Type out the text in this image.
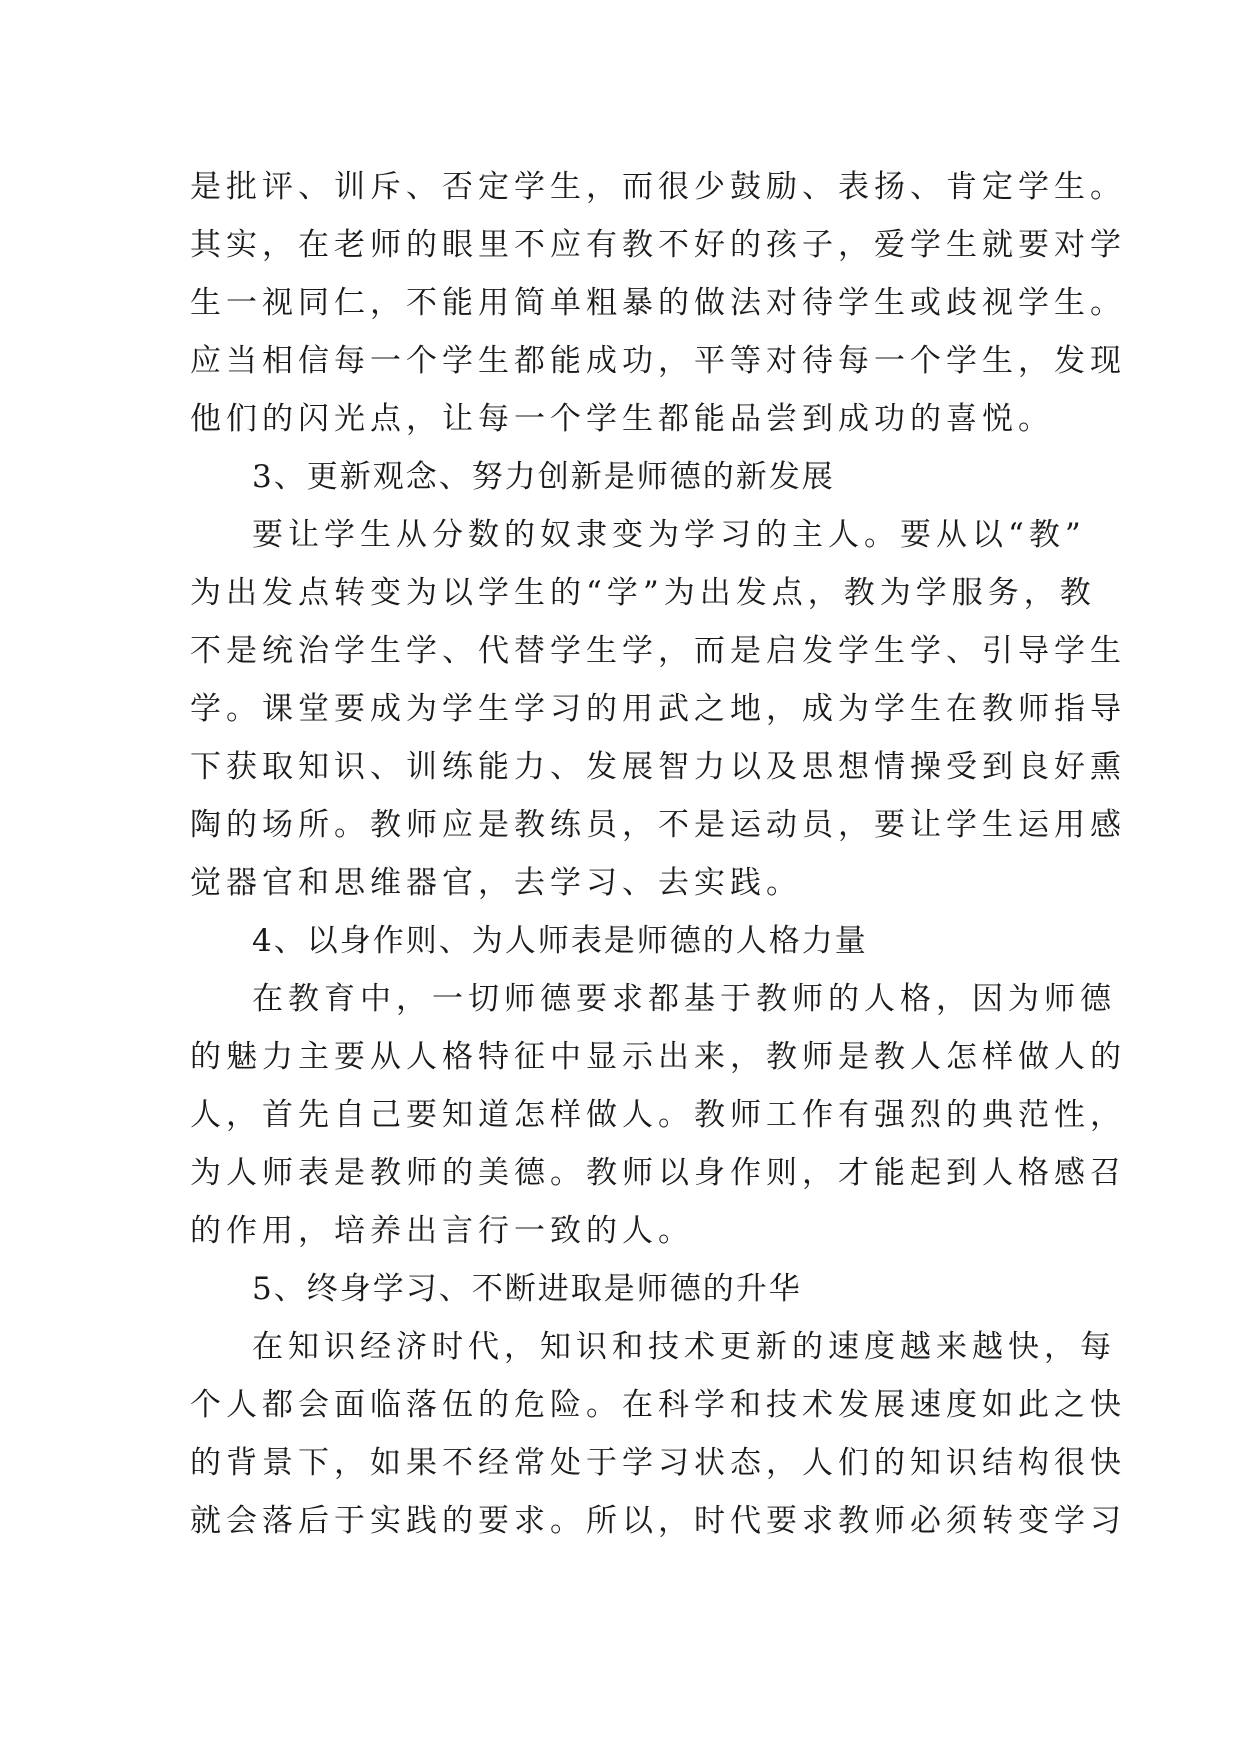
是批评、训斥、否定学生，而很少鼓励、表扬、肯定学生。
其实，在老师的眼里不应有教不好的孩子，爱学生就要对学
生一视同仁，不能用简单粗暴的做法对待学生或歧视学生。
应当相信每一个学生都能成功，平等对待每一个学生，发现
他们的闪光点，让每一个学生都能品尝到成功的喜悦。
3、更新观念、努力创新是师德的新发展
要让学生从分数的奴隶变为学习的主人。要从以“教”
为出发点转变为以学生的“学”为出发点，教为学服务，教
不是统治学生学、代替学生学，而是启发学生学、引导学生
学。课堂要成为学生学习的用武之地，成为学生在教师指导
下获取知识、训练能力、发展智力以及思想情操受到良好熏
陶的场所。教师应是教练员，不是运动员，要让学生运用感
觉器官和思维器官，去学习、去实践。
4、以身作则、为人师表是师德的人格力量
在教育中，一切师德要求都基于教师的人格，因为师德
的魅力主要从人格特征中显示出来，教师是教人怎样做人的
人，首先自己要知道怎样做人。教师工作有强烈的典范性，
为人师表是教师的美德。教师以身作则，才能起到人格感召
的作用，培养出言行一致的人。
5、终身学习、不断进取是师德的升华
在知识经济时代，知识和技术更新的速度越来越快，每
个人都会面临落伍的危险。在科学和技术发展速度如此之快
的背景下，如果不经常处于学习状态，人们的知识结构很快
就会落后于实践的要求。所以，时代要求教师必须转变学习
